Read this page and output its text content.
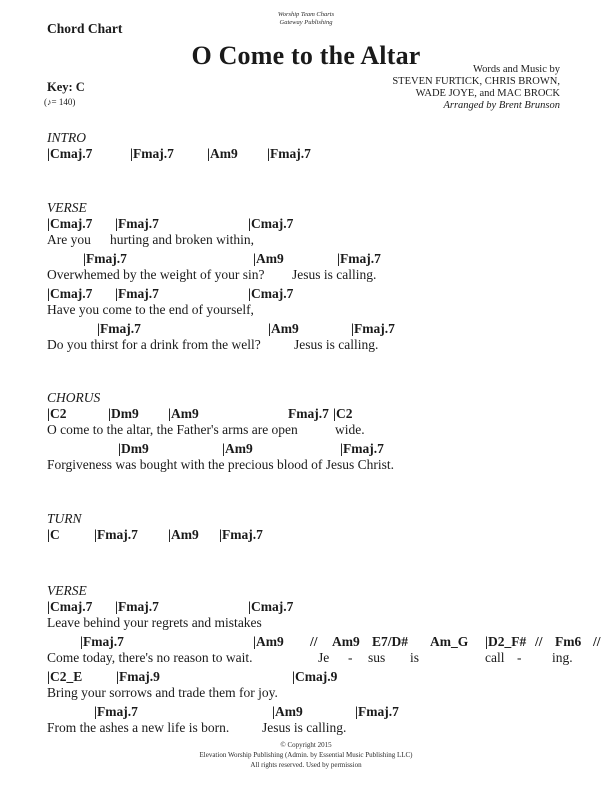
Chord Chart
Worship Team Charts
Gateway Publishing
O Come to the Altar	Words and Music by
STEVEN FURTICK, CHRIS BROWN,
WADE JOYE, and MAC BROCK
Arranged by Brent Brunson
Key: C
(♪= 140)
INTRO
|Cmaj.7	|Fmaj.7 |Am9 |Fmaj.7
VERSE
|Cmaj.7 |Fmaj.7	|Cmaj.7
Are you hurting and broken within,
|Fmaj.7	|Am9	|Fmaj.7
Overwhemed by the weight of your sin? Jesus is calling.
|Cmaj.7 |Fmaj.7	|Cmaj.7
Have you come to the end of yourself,
|Fmaj.7	|Am9	|Fmaj.7
Do you thirst for a drink from the well? Jesus is calling.
CHORUS
|C2	|Dm9 |Am9	Fmaj.7 |C2
O come to the altar, the Father's arms are open	wide.
|Dm9	|Am9	|Fmaj.7
Forgiveness was bought with the precious blood of Jesus Christ.
TURN
|C	|Fmaj.7 |Am9 |Fmaj.7
VERSE
|Cmaj.7 |Fmaj.7	|Cmaj.7
Leave behind your regrets and mistakes
|Fmaj.7	|Am9 // Am9 E7/D# Am_G |D2_F# // Fm6 //
Come today, there's no reason to wait.	Je - sus is	call - ing.
|C2_E	|Fmaj.9	|Cmaj.9
Bring your sorrows and trade them for joy.
|Fmaj.7	|Am9	|Fmaj.7
From the ashes a new life is born. Jesus is calling.
© Copyright 2015
Elevation Worship Publishing (Admin. by Essential Music Publishing LLC)
All rights reserved. Used by permission
